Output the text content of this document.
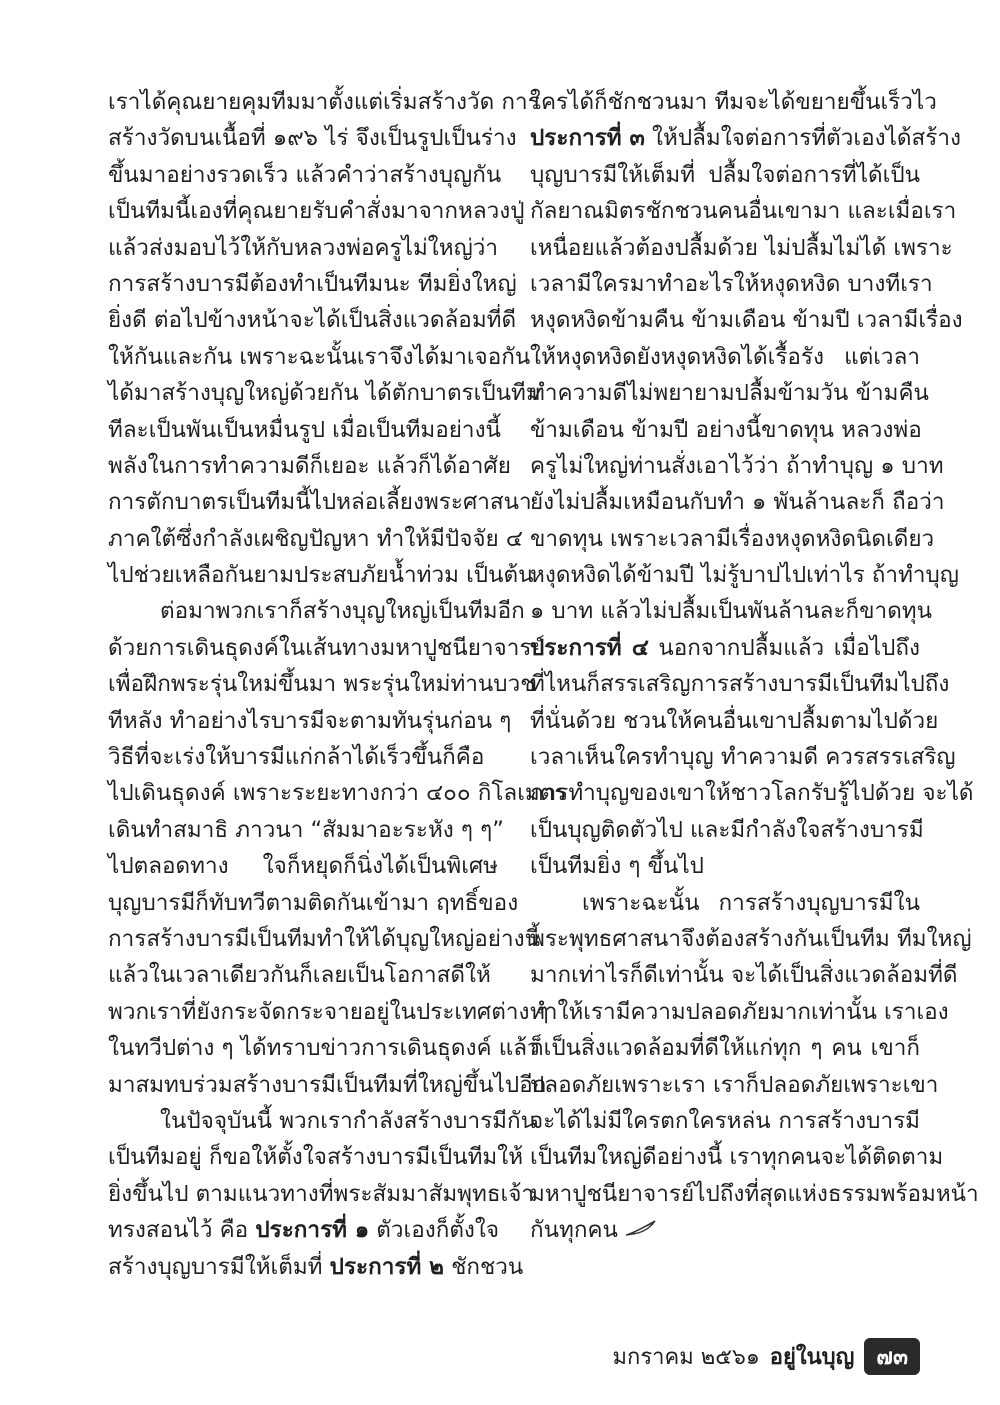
เราได้คุณยายคุมทีมมาตั้งแต่เริ่มสร้างวัด การ
สร้างวัดบนเนื้อที่ ๑๙๖ ไร่ จึงเป็นรูปเป็นร่าง
ขึ้นมาอย่างรวดเร็ว แล้วคำว่าสร้างบุญกัน
เป็นทีมนี้เองที่คุณยายรับคำสั่งมาจากหลวงปู่
แล้วส่งมอบไว้ให้กับหลวงพ่อครูไม่ใหญ่ว่า
การสร้างบารมีต้องทำเป็นทีมนะ ทีมยิ่งใหญ่
ยิ่งดี ต่อไปข้างหน้าจะได้เป็นสิ่งแวดล้อมที่ดี
ให้กันและกัน เพราะฉะนั้นเราจึงได้มาเจอกัน
ได้มาสร้างบุญใหญ่ด้วยกัน ได้ตักบาตรเป็นทีม
ทีละเป็นพันเป็นหมื่นรูป เมื่อเป็นทีมอย่างนี้
พลังในการทำความดีก็เยอะ แล้วก็ได้อาศัย
การตักบาตรเป็นทีมนี้ไปหล่อเลี้ยงพระศาสนา
ภาคใต้ซึ่งกำลังเผชิญปัญหา ทำให้มีปัจจัย ๔
ไปช่วยเหลือกันยามประสบภัยน้ำท่วม เป็นต้น
ต่อมาพวกเราก็สร้างบุญใหญ่เป็นทีมอีก
ด้วยการเดินธุดงค์ในเส้นทางมหาปูชนียาจารย์
เพื่อฝึกพระรุ่นใหม่ขึ้นมา พระรุ่นใหม่ท่านบวช
ทีหลัง ทำอย่างไรบารมีจะตามทันรุ่นก่อน ๆ
วิธีที่จะเร่งให้บารมีแก่กล้าได้เร็วขึ้นก็คือ
ไปเดินธุดงค์ เพราะระยะทางกว่า ๔๐๐ กิโลเมตร
เดินทำสมาธิ ภาวนา “สัมมาอะระหัง ๆ ๆ”
ไปตลอดทาง ใจก็หยุดก็นิ่งได้เป็นพิเศษ
บุญบารมีก็ทับทวีตามติดกันเข้ามา ฤทธิ์ของ
การสร้างบารมีเป็นทีมทำให้ได้บุญใหญ่อย่างนี้
แล้วในเวลาเดียวกันก็เลยเป็นโอกาสดีให้
พวกเราที่ยังกระจัดกระจายอยู่ในประเทศต่าง ๆ
ในทวีปต่าง ๆ ได้ทราบข่าวการเดินธุดงค์ แล้ว
มาสมทบร่วมสร้างบารมีเป็นทีมที่ใหญ่ขึ้นไปอีก
ในปัจจุบันนี้ พวกเรากำลังสร้างบารมีกัน
เป็นทีมอยู่ ก็ขอให้ตั้งใจสร้างบารมีเป็นทีมให้
ยิ่งขึ้นไป ตามแนวทางที่พระสัมมาสัมพุทธเจ้า
ทรงสอนไว้ คือ ประการที่ ๑ ตัวเองก็ตั้งใจ
สร้างบุญบารมีให้เต็มที่ ประการที่ ๒ ชักชวน
ใครได้ก็ชักชวนมา ทีมจะได้ขยายขึ้นเร็วไว
ประการที่ ๓ ให้ปลื้มใจต่อการที่ตัวเองได้สร้าง
บุญบารมีให้เต็มที่ ปลื้มใจต่อการที่ได้เป็น
กัลยาณมิตรชักชวนคนอื่นเขามา และเมื่อเรา
เหนื่อยแล้วต้องปลื้มด้วย ไม่ปลื้มไม่ได้ เพราะ
เวลามีใครมาทำอะไรให้หงุดหงิด บางทีเรา
หงุดหงิดข้ามคืน ข้ามเดือน ข้ามปี เวลามีเรื่อง
ให้หงุดหงิดยังหงุดหงิดได้เรื้อรัง แต่เวลา
ทำความดีไม่พยายามปลื้มข้ามวัน ข้ามคืน
ข้ามเดือน ข้ามปี อย่างนี้ขาดทุน หลวงพ่อ
ครูไม่ใหญ่ท่านสั่งเอาไว้ว่า ถ้าทำบุญ ๑ บาท
ยังไม่ปลื้มเหมือนกับทำ ๑ พันล้านละก็ ถือว่า
ขาดทุน เพราะเวลามีเรื่องหงุดหงิดนิดเดียว
หงุดหงิดได้ข้ามปี ไม่รู้บาปไปเท่าไร ถ้าทำบุญ
๑ บาท แล้วไม่ปลื้มเป็นพันล้านละก็ขาดทุน
ประการที่ ๔ นอกจากปลื้มแล้ว เมื่อไปถึง
ที่ไหนก็สรรเสริญการสร้างบารมีเป็นทีมไปถึง
ที่นั่นด้วย ชวนให้คนอื่นเขาปลื้มตามไปด้วย
เวลาเห็นใครทำบุญ ทำความดี ควรสรรเสริญ
การทำบุญของเขาให้ชาวโลกรับรู้ไปด้วย จะได้
เป็นบุญติดตัวไป และมีกำลังใจสร้างบารมี
เป็นทีมยิ่ง ๆ ขึ้นไป
เพราะฉะนั้น การสร้างบุญบารมีใน
พระพุทธศาสนาจึงต้องสร้างกันเป็นทีม ทีมใหญ่
มากเท่าไรก็ดีเท่านั้น จะได้เป็นสิ่งแวดล้อมที่ดี
ทำให้เรามีความปลอดภัยมากเท่านั้น เราเอง
ก็เป็นสิ่งแวดล้อมที่ดีให้แก่ทุก ๆ คน เขาก็
ปลอดภัยเพราะเรา เราก็ปลอดภัยเพราะเขา
จะได้ไม่มีใครตกใครหล่น การสร้างบารมี
เป็นทีมใหญ่ดีอย่างนี้ เราทุกคนจะได้ติดตาม
มหาปูชนียาจารย์ไปถึงที่สุดแห่งธรรมพร้อมหน้า
กันทุกคน
มกราคม ๒๕๖๑ อยู่ในบุญ	๗๓
